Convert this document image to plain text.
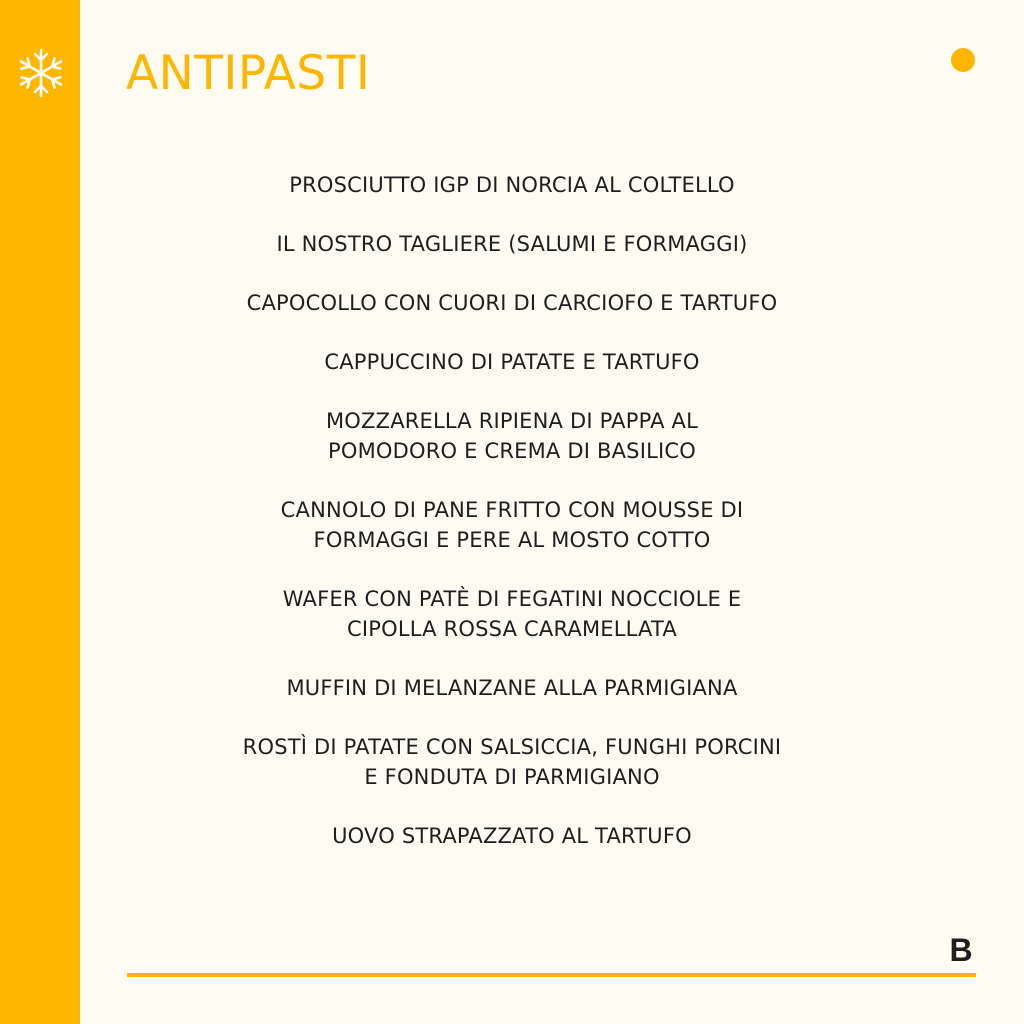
ANTIPASTI
PROSCIUTTO IGP DI NORCIA AL COLTELLO
IL NOSTRO TAGLIERE (SALUMI E FORMAGGI)
CAPOCOLLO CON CUORI DI CARCIOFO E TARTUFO
CAPPUCCINO DI PATATE E TARTUFO
MOZZARELLA RIPIENA DI PAPPA AL
POMODORO E CREMA DI BASILICO
CANNOLO DI PANE FRITTO CON MOUSSE DI
FORMAGGI E PERE AL MOSTO COTTO
WAFER CON PATÈ DI FEGATINI NOCCIOLE E
CIPOLLA ROSSA CARAMELLATA
MUFFIN DI MELANZANE ALLA PARMIGIANA
ROSTÌ DI PATATE CON SALSICCIA, FUNGHI PORCINI
E FONDUTA DI PARMIGIANO
UOVO STRAPAZZATO AL TARTUFO
B
